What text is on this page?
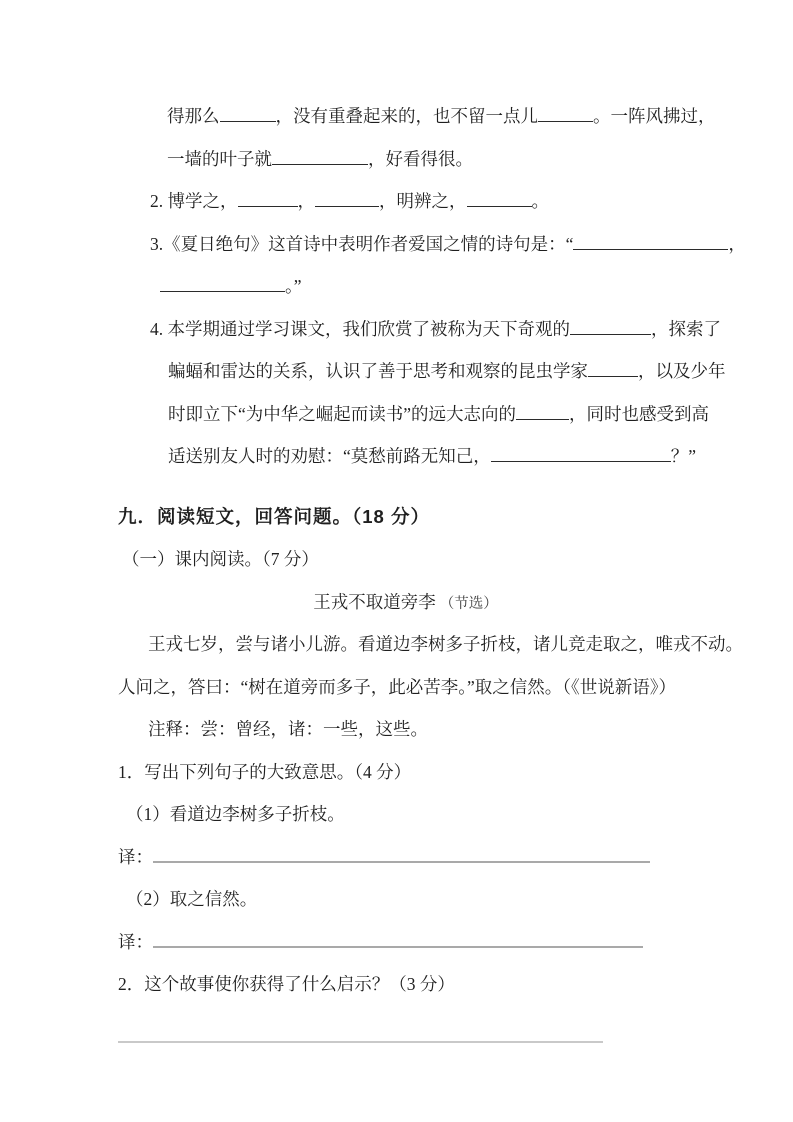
得那么	，没有重叠起来的，也不留一点儿	。一阵风拂过，
一墙的叶子就	，好看得很。
2. 博学之，	，	，明辨之，	。
3.《夏日绝句》这首诗中表明作者爱国之情的诗句是：“	，
。”
4. 本学期通过学习课文，我们欣赏了被称为天下奇观的	，探索了
蝙蝠和雷达的关系，认识了善于思考和观察的昆虫学家	，以及少年
时即立下“为中华之崛起而读书”的远大志向的	，同时也感受到高
适送别友人时的劝慰：“莫愁前路无知己，	？”
九．阅读短文，回答问题。（18 分）
（一）课内阅读。（7 分）
王戎不取道旁李 （节选）
王戎七岁，尝与诸小儿游。看道边李树多子折枝，诸儿竞走取之，唯戎不动。
人问之，答曰：“树在道旁而多子，此必苦李。”取之信然。（《世说新语》）
注释：尝：曾经，诸：一些，这些。
1．写出下列句子的大致意思。（4 分）
（1）看道边李树多子折枝。
译：
（2）取之信然。
译：
2．这个故事使你获得了什么启示？（3 分）
